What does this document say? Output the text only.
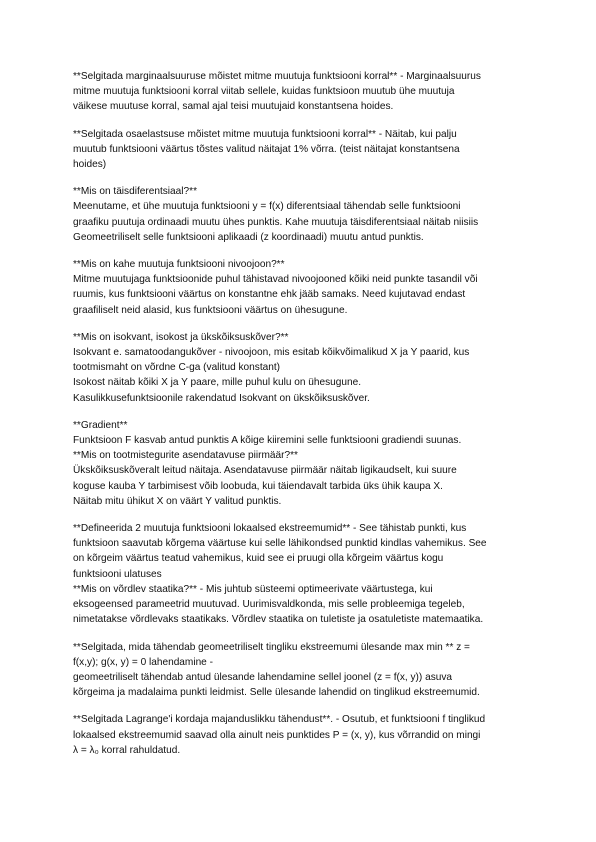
**Selgitada marginaalsuuruse mõistet mitme muutuja funktsiooni korral** - Marginaalsuurus
mitme muutuja funktsiooni korral viitab sellele, kuidas funktsioon muutub ühe muutuja
väikese muutuse korral, samal ajal teisi muutujaid konstantsena hoides.
**Selgitada osaelastsuse mõistet mitme muutuja funktsiooni korral** - Näitab, kui palju
muutub funktsiooni väärtus tõstes valitud näitajat 1% võrra. (teist näitajat konstantsena
hoides)
**Mis on täisdiferentsiaal?**
Meenutame, et ühe muutuja funktsiooni y = f(x) diferentsiaal tähendab selle funktsiooni
graafiku puutuja ordinaadi muutu ühes punktis. Kahe muutuja täisdiferentsiaal näitab niisiis
Geomeetriliselt selle funktsiooni aplikaadi (z koordinaadi) muutu antud punktis.
**Mis on kahe muutuja funktsiooni nivoojoon?**
Mitme muutujaga funktsioonide puhul tähistavad nivoojooned kõiki neid punkte tasandil või
ruumis, kus funktsiooni väärtus on konstantne ehk jääb samaks. Need kujutavad endast
graafiliselt neid alasid, kus funktsiooni väärtus on ühesugune.
**Mis on isokvant, isokost ja ükskõiksuskõver?**
Isokvant e. samatoodangukõver - nivoojoon, mis esitab kõikvõimalikud X ja Y paarid, kus
tootmismaht on võrdne C-ga (valitud konstant)
Isokost näitab kõiki X ja Y paare, mille puhul kulu on ühesugune.
Kasulikkusefunktsioonile rakendatud Isokvant on ükskõiksuskõver.
**Gradient**
Funktsioon F kasvab antud punktis A kõige kiiremini selle funktsiooni gradiendi suunas.
**Mis on tootmistegurite asendatavuse piirmäär?**
Ükskõiksuskõveralt leitud näitaja. Asendatavuse piirmäär näitab ligikaudselt, kui suure
koguse kauba Y tarbimisest võib loobuda, kui täiendavalt tarbida üks ühik kaupa X.
Näitab mitu ühikut X on väärt Y valitud punktis.
**Defineerida 2 muutuja funktsiooni lokaalsed ekstreemumid** - See tähistab punkti, kus
funktsioon saavutab kõrgema väärtuse kui selle lähikondsed punktid kindlas vahemikus. See
on kõrgeim väärtus teatud vahemikus, kuid see ei pruugi olla kõrgeim väärtus kogu
funktsiooni ulatuses
**Mis on võrdlev staatika?** - Mis juhtub süsteemi optimeerivate väärtustega, kui
eksogeensed parameetrid muutuvad. Uurimisvaldkonda, mis selle probleemiga tegeleb,
nimetatakse võrdlevaks staatikaks. Võrdlev staatika on tuletiste ja osatuletiste matemaatika.
**Selgitada, mida tähendab geomeetriliselt tingliku ekstreemumi ülesande max min ** z =
f(x,y); g(x, y) = 0 lahendamine -
geomeetriliselt tähendab antud ülesande lahendamine sellel joonel (z = f(x, y)) asuva
kõrgeima ja madalaima punkti leidmist. Selle ülesande lahendid on tinglikud ekstreemumid.
**Selgitada Lagrange'i kordaja majanduslikku tähendust**. - Osutub, et funktsiooni f tinglikud
lokaalsed ekstreemumid saavad olla ainult neis punktides P = (x, y), kus võrrandid on mingi
λ = λ₀ korral rahuldatud.
